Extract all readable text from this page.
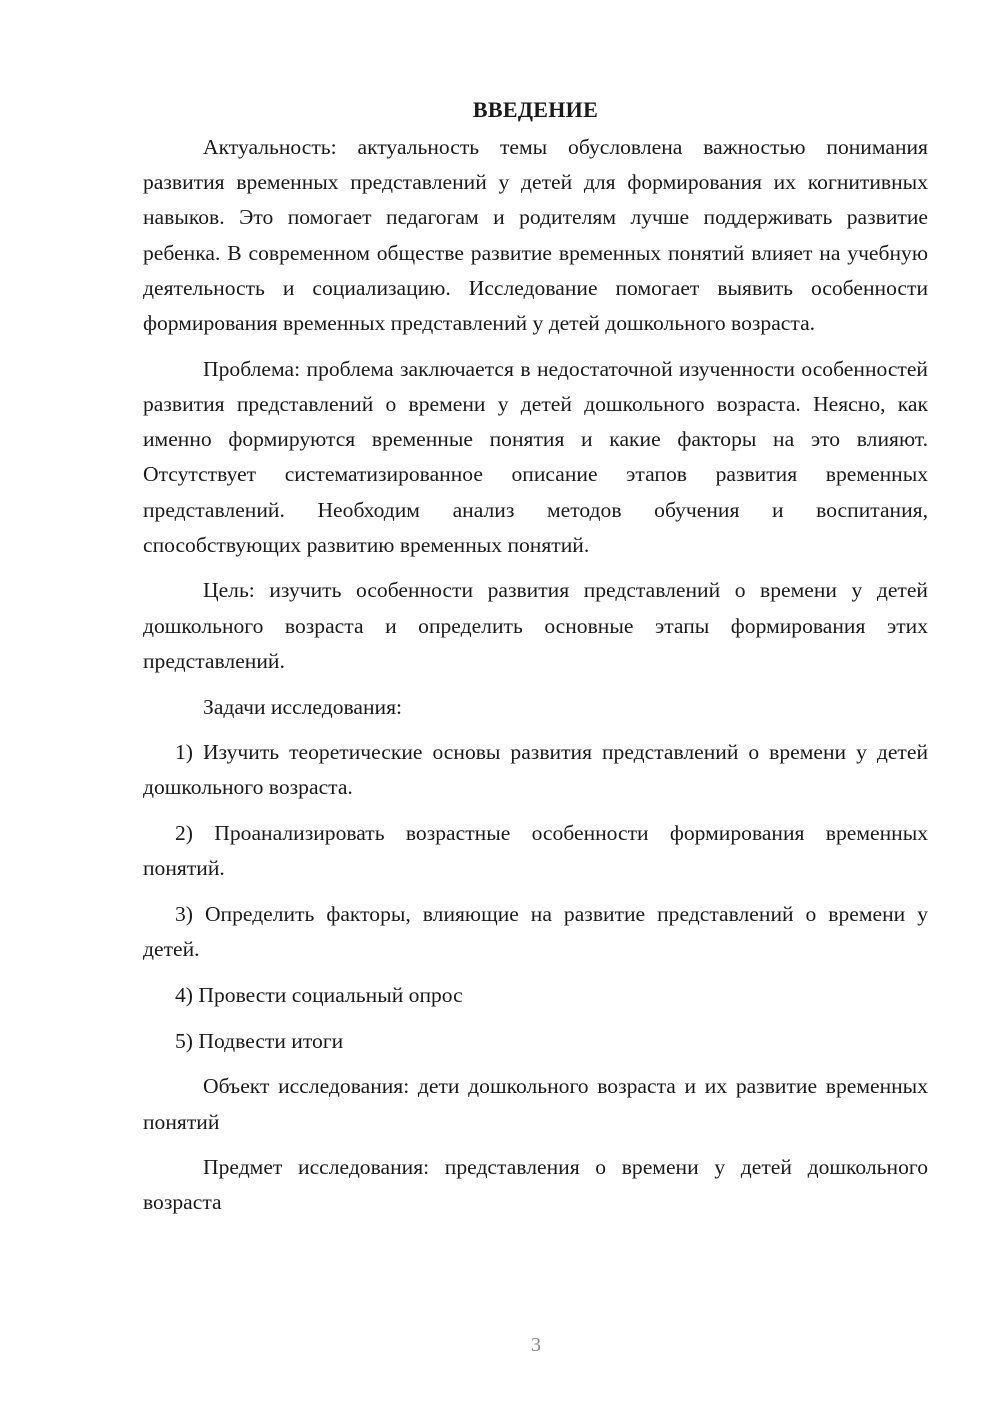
ВВЕДЕНИЕ

Актуальность: актуальность темы обусловлена важностью понимания развития временных представлений у детей для формирования их когнитивных навыков. Это помогает педагогам и родителям лучше поддерживать развитие ребенка. В современном обществе развитие временных понятий влияет на учебную деятельность и социализацию. Исследование помогает выявить особенности формирования временных представлений у детей дошкольного возраста.

Проблема: проблема заключается в недостаточной изученности особенностей развития представлений о времени у детей дошкольного возраста. Неясно, как именно формируются временные понятия и какие факторы на это влияют. Отсутствует систематизированное описание этапов развития временных представлений. Необходим анализ методов обучения и воспитания, способствующих развитию временных понятий.

Цель: изучить особенности развития представлений о времени у детей дошкольного возраста и определить основные этапы формирования этих представлений.

Задачи исследования:

1) Изучить теоретические основы развития представлений о времени у детей дошкольного возраста.

2) Проанализировать возрастные особенности формирования временных понятий.

3) Определить факторы, влияющие на развитие представлений о времени у детей.

4) Провести социальный опрос

5) Подвести итоги

Объект исследования: дети дошкольного возраста и их развитие временных понятий

Предмет исследования: представления о времени у детей дошкольного возраста

3
